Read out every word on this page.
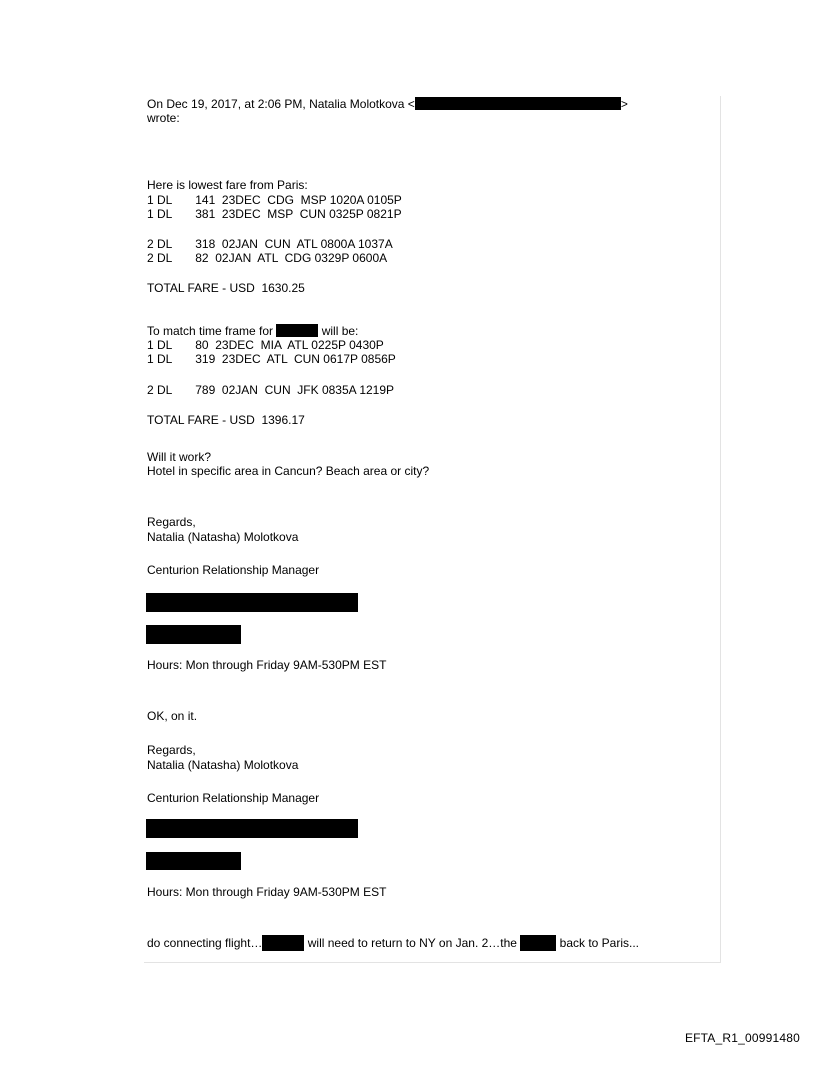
On Dec 19, 2017, at 2:06 PM, Natalia Molotkova <	>

wrote:

Here is lowest fare from Paris:

1 DL       141  23DEC  CDG  MSP 1020A 0105P

1 DL       381  23DEC  MSP  CUN 0325P 0821P

2 DL       318  02JAN  CUN  ATL 0800A 1037A

2 DL       82  02JAN  ATL  CDG 0329P 0600A

TOTAL FARE - USD  1630.25

To match time frame for	will be:

1 DL       80  23DEC  MIA  ATL 0225P 0430P

1 DL       319  23DEC  ATL  CUN 0617P 0856P

2 DL       789  02JAN  CUN  JFK 0835A 1219P

TOTAL FARE - USD  1396.17

Will it work?

Hotel in specific area in Cancun? Beach area or city?

Regards,

Natalia (Natasha) Molotkova

Centurion Relationship Manager

Hours: Mon through Friday 9AM-530PM EST

OK, on it.

Regards,

Natalia (Natasha) Molotkova

Centurion Relationship Manager

Hours: Mon through Friday 9AM-530PM EST

do connecting flight…	will need to return to NY on Jan. 2…the	back to Paris...

EFTA_R1_00991480
